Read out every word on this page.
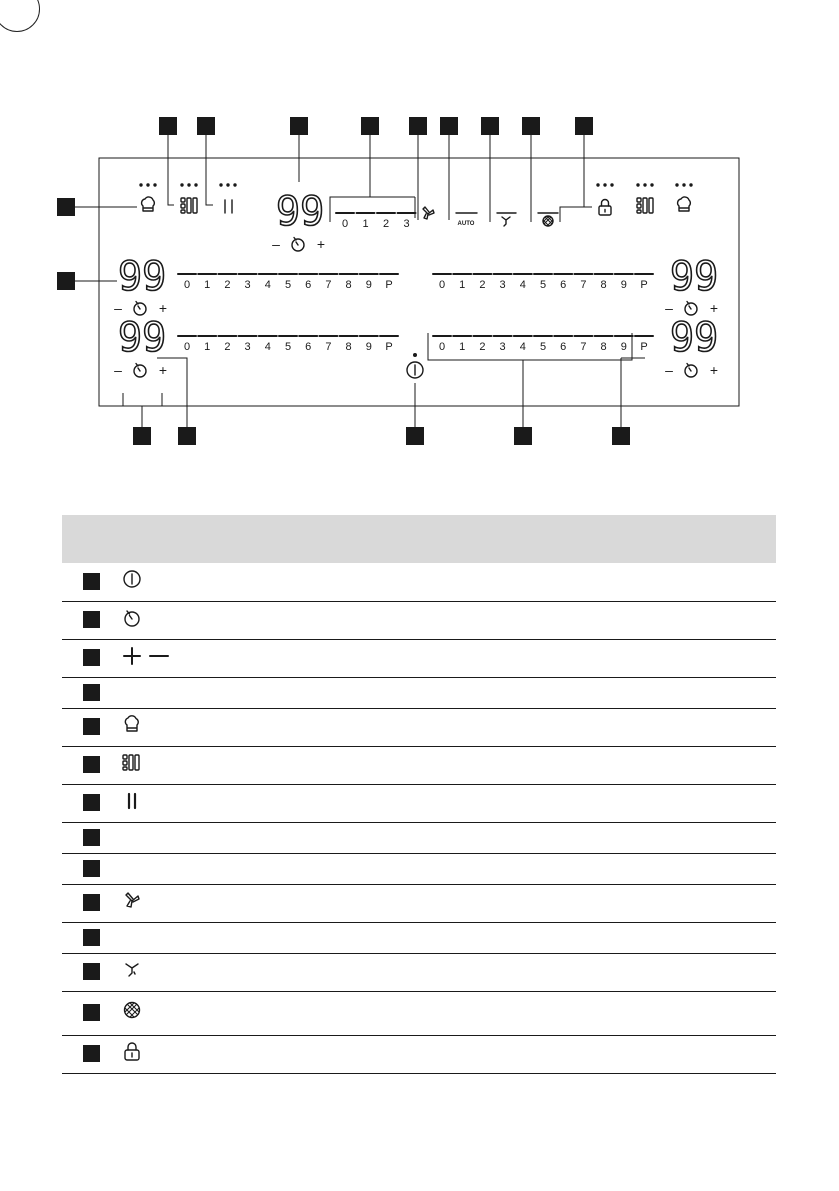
99
–	+
0 1 2 3	AUTO
99
–	+
99
–	+
99
–	+
99
–	+
0 1 2 3 4 5 6 7 8 9 P
0 1 2 3 4 5 6 7 8 9 P
0 1 2 3 4 5 6 7 8 9 P
0 1 2 3 4 5 6 7 8 9 P
